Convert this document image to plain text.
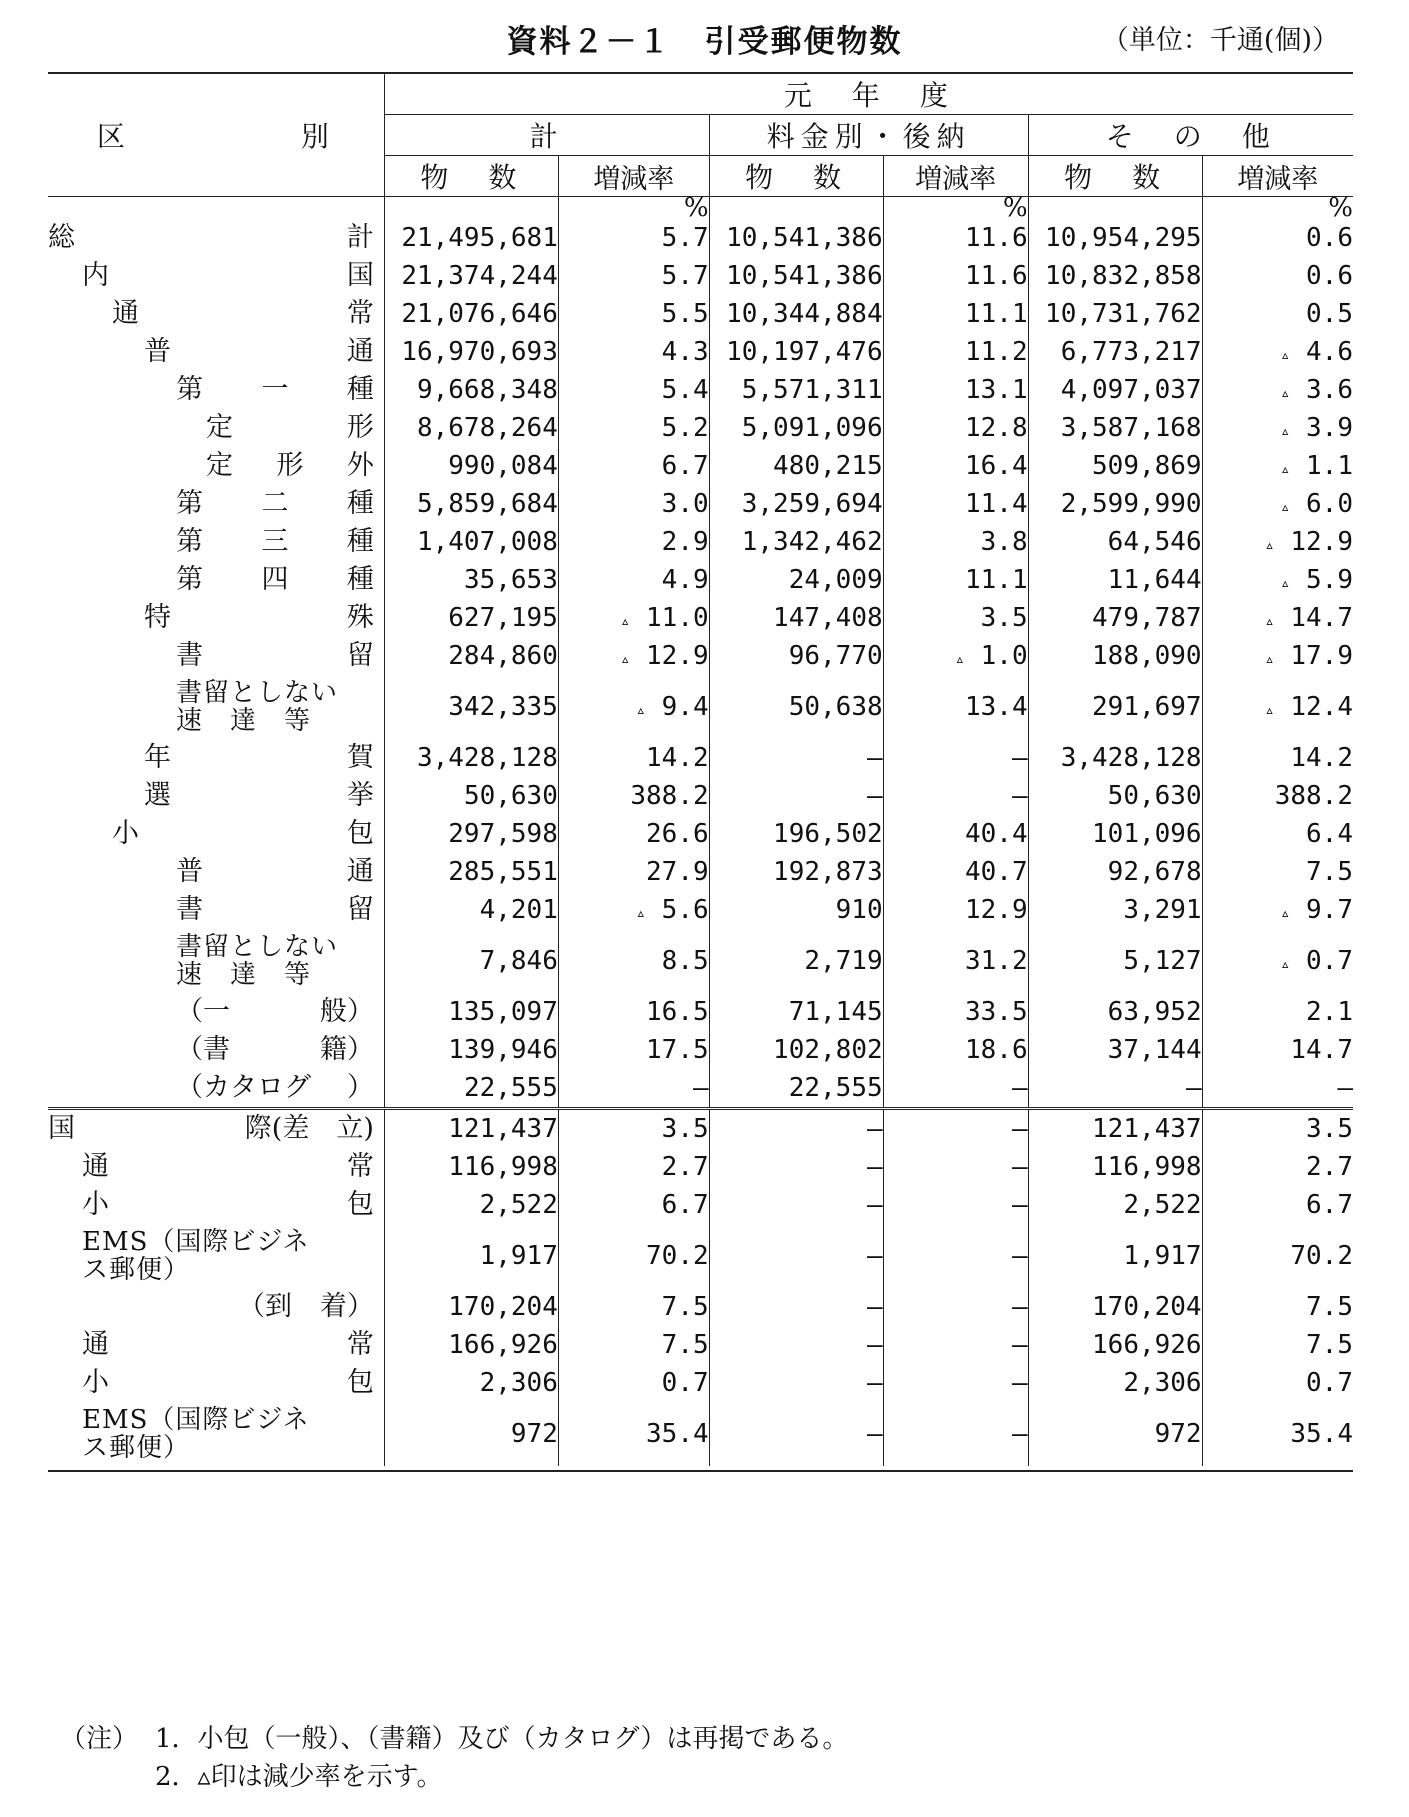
資料２－１　引受郵便物数	（単位：千通(個)）
区　　　　　別	元　年　度					
	計		料金別・後納		そ　の　他	
	物　数	増減率	物　数	増減率	物　数	増減率
		%		%		%

総 計	21,495,681	5.7	10,541,386	11.6	10,954,295	0.6

内 国	21,374,244	5.7	10,541,386	11.6	10,832,858	0.6

通 常	21,076,646	5.5	10,344,884	11.1	10,731,762	0.5

普 通	16,970,693	4.3	10,197,476	11.2	6,773,217	▵ 4.6

第 一 種	9,668,348	5.4	5,571,311	13.1	4,097,037	▵ 3.6

定 形	8,678,264	5.2	5,091,096	12.8	3,587,168	▵ 3.9

定 形 外	990,084	6.7	480,215	16.4	509,869	▵ 1.1

第 二 種	5,859,684	3.0	3,259,694	11.4	2,599,990	▵ 6.0

第 三 種	1,407,008	2.9	1,342,462	3.8	64,546	▵ 12.9

第 四 種	35,653	4.9	24,009	11.1	11,644	▵ 5.9

特 殊	627,195	▵ 11.0	147,408	3.5	479,787	▵ 14.7

書 留	284,860	▵ 12.9	96,770	▵ 1.0	188,090	▵ 17.9

書留としない
速　達　等	342,335	▵ 9.4	50,638	13.4	291,697	▵ 12.4

年 賀	3,428,128	14.2	—	—	3,428,128	14.2

選 挙	50,630	388.2	—	—	50,630	388.2

小 包	297,598	26.6	196,502	40.4	101,096	6.4

普 通	285,551	27.9	192,873	40.7	92,678	7.5

書 留	4,201	▵ 5.6	910	12.9	3,291	▵ 9.7

書留としない
速　達　等	7,846	8.5	2,719	31.2	5,127	▵ 0.7

（一 般）	135,097	16.5	71,145	33.5	63,952	2.1

（書 籍）	139,946	17.5	102,802	18.6	37,144	14.7

（カタログ ）	22,555	—	22,555	—	—	—

国 際(差　立)	121,437	3.5	—	—	121,437	3.5

通 常	116,998	2.7	—	—	116,998	2.7

小 包	2,522	6.7	—	—	2,522	6.7

EMS（国際ビジネ
ス郵便）	1,917	70.2	—	—	1,917	70.2

（到 着）	170,204	7.5	—	—	170,204	7.5

通 常	166,926	7.5	—	—	166,926	7.5

小 包	2,306	0.7	—	—	2,306	0.7

EMS（国際ビジネ
ス郵便）	972	35.4	—	—	972	35.4

（注） 1．小包（一般）、（書籍）及び（カタログ）は再掲である。
2．▵印は減少率を示す。
